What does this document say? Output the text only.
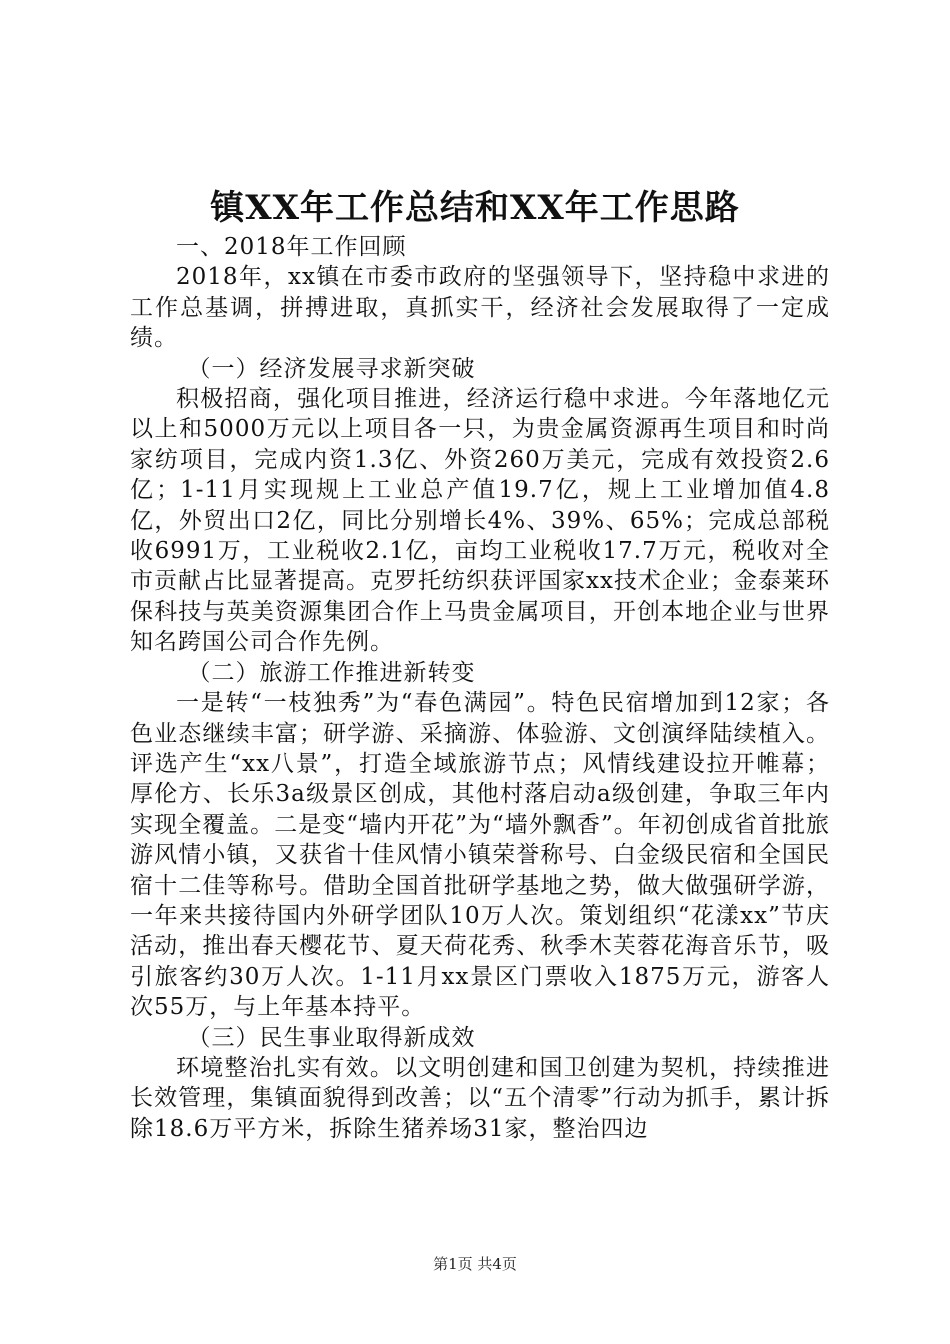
镇XX年工作总结和XX年工作思路

一、2018年工作回顾

2018年，xx镇在市委市政府的坚强领导下，坚持稳中求进的工作总基调，拼搏进取，真抓实干，经济社会发展取得了一定成绩。

（一）经济发展寻求新突破

积极招商，强化项目推进，经济运行稳中求进。今年落地亿元以上和5000万元以上项目各一只，为贵金属资源再生项目和时尚家纺项目，完成内资1.3亿、外资260万美元，完成有效投资2.6亿；1-11月实现规上工业总产值19.7亿，规上工业增加值4.8亿，外贸出口2亿，同比分别增长4%、39%、65%；完成总部税收6991万，工业税收2.1亿，亩均工业税收17.7万元，税收对全市贡献占比显著提高。克罗托纺织获评国家xx技术企业；金泰莱环保科技与英美资源集团合作上马贵金属项目，开创本地企业与世界知名跨国公司合作先例。

（二）旅游工作推进新转变

一是转“一枝独秀”为“春色满园”。特色民宿增加到12家；各色业态继续丰富；研学游、采摘游、体验游、文创演绎陆续植入。评选产生“xx八景”，打造全域旅游节点；风情线建设拉开帷幕；厚伦方、长乐3a级景区创成，其他村落启动a级创建，争取三年内实现全覆盖。二是变“墙内开花”为“墙外飘香”。年初创成省首批旅游风情小镇，又获省十佳风情小镇荣誉称号、白金级民宿和全国民宿十二佳等称号。借助全国首批研学基地之势，做大做强研学游，一年来共接待国内外研学团队10万人次。策划组织“花漾xx”节庆活动，推出春天樱花节、夏天荷花秀、秋季木芙蓉花海音乐节，吸引旅客约30万人次。1-11月xx景区门票收入1875万元，游客人次55万，与上年基本持平。

（三）民生事业取得新成效

环境整治扎实有效。以文明创建和国卫创建为契机，持续推进长效管理，集镇面貌得到改善；以“五个清零”行动为抓手，累计拆除18.6万平方米，拆除生猪养场31家，整治四边

第1页 共4页
